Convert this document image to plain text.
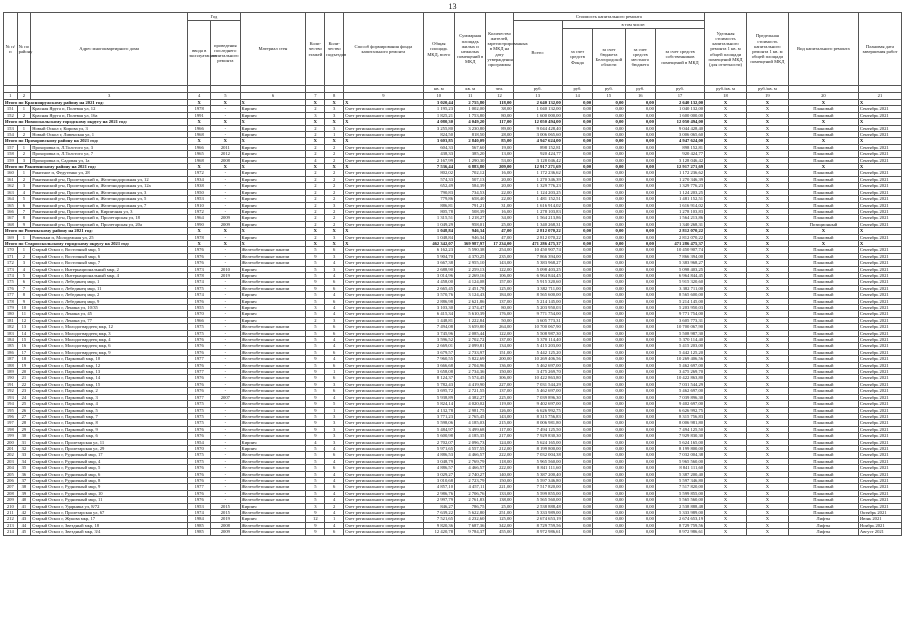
13
№ п/п	№ по району	Адрес многоквартирного дома	Год		Материал стен	Коли-чество этажей	Коли-чество подъездов	Способ формирования фонда капитального ремонта	Общая площадь МКД, всего	Суммарная площадь жилых и нежилых помещений в МКД	Количество жителей, зарегистрированных в МКД на дату утверждения программы	Стоимость капитального ремонта					Удельная стоимость капитального ремонта 1 кв. м общей площади помещений МКД (для отчетности)	Предельная стоимость капитального ремонта 1 кв. м общей площади помещений МКД	Вид капитального ремонта	Плановая дата завершения работ
			ввода в эксплуатацию	проведения последнего капитального ремонта								Всего:	в том числе:							
													за счет средств Фонда	за счет бюджета Белгородской области	за счет средств местного бюджета	за счет средств собственников помещений в МКД				
									кв. м	кв. м	чел.	руб.	руб.	руб.	руб.	руб.	руб./кв. м	руб./кв. м		
1	2	3	4	5	6	7	8	9	10	11	12	13	14	15	16	17	18	19	20	21
Итого по Краснояружскому району на 2021 год:			Х	Х	Х	Х	Х	Х	3 020,44	2 755,80	118,00	2 640 132,00	0,00	0,00	0,00	2 640 132,00	Х	Х	Х	Х
151	1	Красная Яруга п, Полевая ул, 12	1978	-	Кирпич	2	3	Счет регионального оператора	1 195,23	1 002,00	38,00	1 040 132,00	0,00	0,00	0,00	1 040 132,00	Х	Х	Плановый	Сентябрь 2021
152	2	Красная Яруга п, Полевая ул, 16а	1991	-	Кирпич	3	3	Счет регионального оператора	1 825,21	1 753,80	80,00	1 600 000,00	0,00	0,00	0,00	1 600 000,00	Х	Х	Плановый	Сентябрь 2021
Итого по Новооскольскому городскому округу на 2021 год:			Х	Х	Х	Х	Х	Х	4 080,30	4 049,20	117,00	12 050 494,00	0,00	0,00	0,00	12 050 494,00	Х	Х	Х	Х
153	1	Новый Оскол г, Кирова ул, 3	1966	-	Кирпич	2	3	Счет регионального оператора	3 255,80	3 230,80	89,00	9 044 428,40	0,00	0,00	0,00	9 044 428,40	Х	Х	Плановый	Сентябрь 2021
154	2	Новый Оскол г, Ливенская ул, 1	1968	-	Кирпич	2	1	Счет регионального оператора	824,50	818,50	28,00	3 006 065,60	0,00	0,00	0,00	3 006 065,60	Х	Х	Плановый	Сентябрь 2021
Итого по Прохоровскому району на 2021 год:			Х	Х	Х	Х	Х	Х	3 603,85	2 840,09	85,00	4 947 624,00	0,00	0,00	0,00	4 947 624,00	Х	Х	Х	Х
157	1	Прохоровка п, Л.Толстого ул, 3	1966	2011	Кирпич	2	2	Счет регионального оператора	604,33	567,60	19,00	898 152,81	0,00	0,00	0,00	898 152,81	Х	Х	Плановый	Сентябрь 2021
158	2	Прохоровка п, Л.Толстого ул, 7	1965	2012	Кирпич	2	2	Счет регионального оператора	438,33	385,20	13,00	920 424,77	0,00	0,00	0,00	920 424,77	Х	Х	Плановый	Сентябрь 2021
159	3	Прохоровка п, Садовая ул, 1а	1968	2008	Кирпич	4	2	Счет регионального оператора	2 167,99	1 290,30	53,00	3 128 046,42	0,00	0,00	0,00	3 128 046,42	Х	Х	Плановый	Сентябрь 2021
Итого по Ракитянскому району на 2021 год:			Х	Х	Х	Х	Х	Х	7 536,44	6 883,80	209,00	12 917 271,69	0,00	0,00	0,00	12 917 271,69	Х	Х	Х	Х
160	1	Ракитное п, Федутенко ул, 28	1972	-	Кирпич	2	2	Счет регионального оператора	802,02	702,12	16,00	1 172 236,62	0,00	0,00	0,00	1 172 236,62	Х	Х	Плановый	Сентябрь 2021
161	2	Ракитянский р-н, Пролетарский п, Железнодорожная ул, 12	1934	-	Кирпич	2	2	Счет регионального оператора	574,33	507,13	20,00	1 270 346,39	0,00	0,00	0,00	1 270 346,39	Х	Х	Плановый	Сентябрь 2021
162	3	Ракитянский р-н, Пролетарский п, Железнодорожная ул, 12а	1938	-	Кирпич	2	2	Счет регионального оператора	652,49	584,39	20,00	1 329 776,23	0,00	0,00	0,00	1 329 776,23	Х	Х	Плановый	Сентябрь 2021
163	4	Ракитянский р-н, Пролетарский п, Железнодорожная ул, 3	1950	-	Кирпич	2	2	Счет регионального оператора	790,83	734,53	22,00	1 124 203,25	0,00	0,00	0,00	1 124 203,25	Х	Х	Плановый	Сентябрь 2021
164	5	Ракитянский р-н, Пролетарский п, Железнодорожная ул, 5	1953	-	Кирпич	2	2	Счет регионального оператора	779,86	658,40	22,00	1 481 152,51	0,00	0,00	0,00	1 481 152,51	Х	Х	Плановый	Сентябрь 2021
165	6	Ракитянский р-н, Пролетарский п, Железнодорожная ул, 7	1910	-	Кирпич	2	3	Счет регионального оператора	886,81	791,21	31,00	1 616 914,02	0,00	0,00	0,00	1 616 914,02	Х	Х	Плановый	Сентябрь 2021
166	7	Ракитянский р-н, Пролетарский п, Кирпичная ул, 3	1972	-	Кирпич	2	2	Счет регионального оператора	805,78	508,39	16,00	1 278 103,83	0,00	0,00	0,00	1 278 103,83	Х	Х	Плановый	Сентябрь 2021
167	8	Ракитянский р-н, Пролетарский п, Пролетарская ул, 18	1964	2009	Кирпич	2	2	Счет регионального оператора	1 315,51	1 218,27	34,00	1 564 213,86	0,00	0,00	0,00	1 564 213,86	Х	Х	Плановый	Сентябрь 2021
168	9	Ракитянский р-н, Пролетарский п, Пролетарская ул, 20а	1990	2009	Кирпич	2	2	Счет регионального оператора	1 049,29	958,01	25,00	1 340 268,31	0,00	0,00	0,00	1 340 268,31	Х	Х	Позиционный	Сентябрь 2021
Итого по Ровеньскому району на 2021 год:			Х	Х	Х	Х	Х	Х	1 048,84	946,34	47,00	2 812 070,22	0,00	0,00	0,00	2 812 070,22	Х	Х	Х	Х
169	1	Ровеньки п, Молодежная ул, 25	1978	-	Кирпич	2	3	Счет регионального оператора	1 048,84	946,34	47,00	2 812 070,22	0,00	0,00	0,00	2 812 070,22	Х	Х	Плановый	Сентябрь 2021
Итого по Старооскольскому городскому округу на 2021 год:			Х	Х	Х	Х	Х	Х	462 342,07	369 987,97	17 234,00	471 286 475,37	0,00	0,00	0,00	471 286 475,37	Х	Х	Х	Х
170	1	Старый Оскол г, Восточный мкр, 5	1976	-	Железобетонные панели	5	6	Счет регионального оператора	6 162,23	5 590,38	254,00	10 450 907,74	0,00	0,00	0,00	10 450 907,74	Х	Х	Плановый	Сентябрь 2021
171	2	Старый Оскол г, Восточный мкр, 6	1976	-	Железобетонные панели	9	3	Счет регионального оператора	5 904,70	4 370,25	235,00	7 866 394,00	0,00	0,00	0,00	7 866 394,00	Х	Х	Плановый	Сентябрь 2021
172	3	Старый Оскол г, Восточный мкр, 7	1976	-	Железобетонные панели	5	4	Счет регионального оператора	3 667,38	2 955,10	143,00	5 383 968,27	0,00	0,00	0,00	5 383 968,27	Х	Х	Плановый	Сентябрь 2021
173	4	Старый Оскол г, Интернациональный мкр, 2	1973	2010	Кирпич	5	3	Счет регионального оператора	2 688,90	2 259,13	122,00	5 098 403,25	0,00	0,00	0,00	5 098 403,25	Х	Х	Плановый	Сентябрь 2021
174	5	Старый Оскол г, Интернациональный мкр, 4	1978	2019	Кирпич	5	4	Счет регионального оператора	3 014,96	2 269,16	106,00	6 964 844,45	0,00	0,00	0,00	6 964 844,45	Х	Х	Плановый	Сентябрь 2021
175	6	Старый Оскол г, Лебединец мкр, 1	1974	-	Железобетонные панели	9	6	Счет регионального оператора	4 458,00	4 124,08	157,00	5 915 320,60	0,00	0,00	0,00	5 915 320,60	Х	Х	Плановый	Сентябрь 2021
176	7	Старый Оскол г, Лебединец мкр, 11	1975	-	Железобетонные панели	9	6	Счет регионального оператора	2 665,45	2 451,78	125,00	3 382 711,00	0,00	0,00	0,00	3 382 711,00	Х	Х	Плановый	Сентябрь 2021
177	8	Старый Оскол г, Лебединец мкр, 2	1974	-	Кирпич	5	4	Счет регионального оператора	3 570,76	3 124,43	184,00	8 565 600,00	0,00	0,00	0,00	8 565 600,00	Х	Х	Плановый	Сентябрь 2021
178	9	Старый Оскол г, Лебединец мкр, 9	1976	-	Кирпич	5	6	Счет регионального оператора	2 886,98	2 621,86	137,00	5 214 145,00	0,00	0,00	0,00	5 214 145,00	Х	Х	Плановый	Сентябрь 2021
179	10	Старый Оскол г, Ленина ул, 10/35	1955	-	Кирпич	3	4	Счет регионального оператора	3 103,30	2 374,47	80,00	5 203 950,03	0,00	0,00	0,00	5 203 950,03	Х	Х	Плановый	Сентябрь 2021
180	11	Старый Оскол г, Ленина ул, 45	1970	-	Кирпич	5	4	Счет регионального оператора	6 415,34	5 610,39	176,00	9 771 754,00	0,00	0,00	0,00	9 771 754,00	Х	Х	Плановый	Сентябрь 2021
181	12	Старый Оскол г, Ленина ул, 77	1966	-	Кирпич	2	3	Счет регионального оператора	1 448,81	1 222,84	50,00	3 605 773,31	0,00	0,00	0,00	3 605 773,31	Х	Х	Плановый	Сентябрь 2021
182	13	Старый Оскол г, Молодогвардеец мкр, 12	1975	-	Железобетонные панели	5	6	Счет регионального оператора	7 494,08	3 659,80	264,00	10 700 067,90	0,00	0,00	0,00	10 700 067,90	Х	Х	Плановый	Сентябрь 2021
183	14	Старый Оскол г, Молодогвардеец мкр, 3	1975	-	Железобетонные панели	5	6	Счет регионального оператора	3 745,96	2 085,44	122,00	5 508 987,30	0,00	0,00	0,00	5 508 987,30	Х	Х	Плановый	Сентябрь 2021
184	15	Старый Оскол г, Молодогвардеец мкр, 4	1976	-	Железобетонные панели	5	4	Счет регионального оператора	3 596,52	2 702,72	137,00	5 370 114,40	0,00	0,00	0,00	5 370 114,40	Х	Х	Плановый	Сентябрь 2021
185	16	Старый Оскол г, Молодогвардеец мкр, 6	1976	-	Железобетонные панели	5	4	Счет регионального оператора	2 669,01	2 099,81	134,00	5 415 203,00	0,00	0,00	0,00	5 415 203,00	Х	Х	Плановый	Сентябрь 2021
186	17	Старый Оскол г, Молодогвардеец мкр, 9	1976	-	Железобетонные панели	5	6	Счет регионального оператора	3 679,57	2 733,97	151,00	5 442 125,20	0,00	0,00	0,00	5 442 125,20	Х	Х	Плановый	Сентябрь 2021
187	18	Старый Оскол г, Парковый мкр, 10	1977	-	Железобетонные панели	9	4	Счет регионального оператора	7 960,55	5 822,69	200,00	10 269 406,56	0,00	0,00	0,00	10 269 406,56	Х	Х	Плановый	Сентябрь 2021
188	19	Старый Оскол г, Парковый мкр, 12	1976	-	Железобетонные панели	5	6	Счет регионального оператора	3 666,68	2 704,96	136,00	5 462 697,00	0,00	0,00	0,00	5 462 697,00	Х	Х	Плановый	Сентябрь 2021
189	20	Старый Оскол г, Парковый мкр, 13	1977	-	Железобетонные панели	9	1	Счет регионального оператора	3 658,08	2 734,36	150,00	3 475 269,70	0,00	0,00	0,00	3 475 269,70	Х	Х	Плановый	Сентябрь 2021
190	21	Старый Оскол г, Парковый мкр, 14	1976	-	Железобетонные панели	9	6	Счет регионального оператора	8 124,37	5 574,45	306,00	10 422 863,80	0,00	0,00	0,00	10 422 863,80	Х	Х	Плановый	Сентябрь 2021
191	22	Старый Оскол г, Парковый мкр, 15	1976	-	Железобетонные панели	9	3	Счет регионального оператора	5 782,43	4 419,90	227,00	7 031 544,29	0,00	0,00	0,00	7 031 544,29	Х	Х	Плановый	Сентябрь 2021
192	23	Старый Оскол г, Парковый мкр, 2	1976	-	Железобетонные панели	5	6	Счет регионального оператора	3 695,72	2 721,55	137,00	5 462 697,00	0,00	0,00	0,00	5 462 697,00	Х	Х	Плановый	Сентябрь 2021
193	24	Старый Оскол г, Парковый мкр, 3	1977	2007	Железобетонные панели	9	4	Счет регионального оператора	5 938,89	4 382,27	225,00	7 039 896,30	0,00	0,00	0,00	7 039 896,30	Х	Х	Плановый	Сентябрь 2021
194	25	Старый Оскол г, Парковый мкр, 4	1975	-	Железобетонные панели	9	5	Счет регионального оператора	5 824,14	4 020,02	119,00	9 402 697,00	0,00	0,00	0,00	9 402 697,00	Х	Х	Плановый	Сентябрь 2021
195	26	Старый Оскол г, Парковый мкр, 5	1975	-	Железобетонные панели	9	1	Счет регионального оператора	4 132,78	2 981,75	126,00	6 626 992,75	0,00	0,00	0,00	6 626 992,75	Х	Х	Плановый	Сентябрь 2021
196	27	Старый Оскол г, Парковый мкр, 7	1975	-	Железобетонные панели	5	3	Счет регионального оператора	3 771,23	2 765,45	143,00	8 315 756,83	0,00	0,00	0,00	8 315 756,83	Х	Х	Плановый	Сентябрь 2021
197	28	Старый Оскол г, Парковый мкр, 8	1975	-	Железобетонные панели	9	3	Счет регионального оператора	5 598,06	4 185,03	215,00	8 006 981,80	0,00	0,00	0,00	8 006 981,80	Х	Х	Плановый	Сентябрь 2021
198	29	Старый Оскол г, Парковый мкр, 9	1976	-	Железобетонные панели	9	3	Счет регионального оператора	5 484,97	3 499,68	117,00	7 494 125,50	0,00	0,00	0,00	7 494 125,50	Х	Х	Плановый	Сентябрь 2021
199	30	Старый Оскол г, Парковый мкр, 6	1976	-	Железобетонные панели	9	3	Счет регионального оператора	5 600,98	4 185,35	217,00	7 929 830,30	0,00	0,00	0,00	7 929 830,30	Х	Х	Плановый	Сентябрь 2021
200	31	Старый Оскол г, Пролетарская ул, 11	1954	-	Кирпич	4	3	Счет регионального оператора	2 702,07	2 096,73	124,00	5 624 165,00	0,00	0,00	0,00	5 624 165,00	Х	Х	Плановый	Сентябрь 2021
201	32	Старый Оскол г, Пролетарская ул, 29	1970	-	Кирпич	5	4	Счет регионального оператора	5 971,65	4 557,55	212,00	8 199 800,00	0,00	0,00	0,00	8 199 800,00	Х	Х	Плановый	Сентябрь 2021
202	33	Старый Оскол г, Рудничный мкр, 17	1975	-	Железобетонные панели	5	6	Счет регионального оператора	4 886,53	4 466,57	222,00	7 032 004,38	0,00	0,00	0,00	7 032 004,38	Х	Х	Плановый	Сентябрь 2021
203	34	Старый Оскол г, Рудничный мкр, 4	1975	-	Железобетонные панели	5	4	Счет регионального оператора	3 048,79	2 769,79	118,00	5 965 560,00	0,00	0,00	0,00	5 965 560,00	Х	Х	Плановый	Сентябрь 2021
204	35	Старый Оскол г, Рудничный мкр, 5	1976	-	Железобетонные панели	5	6	Счет регионального оператора	4 886,57	4 466,57	222,00	8 841 111,60	0,00	0,00	0,00	8 841 111,60	Х	Х	Плановый	Сентябрь 2021
205	36	Старый Оскол г, Рудничный мкр, 6	1976	-	Железобетонные панели	5	4	Счет регионального оператора	3 029,27	2 740,27	140,00	5 387 200,40	0,00	0,00	0,00	5 387 200,40	Х	Х	Плановый	Сентябрь 2021
206	37	Старый Оскол г, Рудничный мкр, 8	1976	-	Железобетонные панели	5	4	Счет регионального оператора	3 010,68	2 723,79	150,00	5 597 346,80	0,00	0,00	0,00	5 597 346,80	Х	Х	Плановый	Сентябрь 2021
207	38	Старый Оскол г, Рудничный мкр, 9	1977	-	Железобетонные панели	5	6	Счет регионального оператора	4 857,10	4 457,11	221,00	7 517 820,00	0,00	0,00	0,00	7 517 820,00	Х	Х	Плановый	Сентябрь 2021
208	39	Старый Оскол г, Рудничный мкр, 10	1976	-	Железобетонные панели	5	4	Счет регионального оператора	2 986,76	2 706,76	133,00	5 599 855,00	0,00	0,00	0,00	5 599 855,00	Х	Х	Плановый	Сентябрь 2021
209	40	Старый Оскол г, Рудничный мкр, 11	1976	-	Железобетонные панели	5	4	Счет регионального оператора	2 997,79	2 761,83	138,00	5 565 560,00	0,00	0,00	0,00	5 565 560,00	Х	Х	Плановый	Сентябрь 2021
210	41	Старый Оскол г, Ударника ул, 8/72	1953	2015	Кирпич	3	2	Счет регионального оператора	846,27	786,75	25,00	2 538 888,48	0,00	0,00	0,00	2 538 888,48	Х	Х	Плановый	Сентябрь 2021
211	42	Старый Оскол г, Пролетарская ул, 67	1974	2015	Железобетонные панели	9	4	Счет регионального оператора	7 639,22	5 622,80	251,00	5 333 989,00	0,00	0,00	0,00	5 333 989,00	Х	Х	Плановый	Октябрь 2021
212	43	Старый Оскол г, Жукова мкр, 17	1984	2019	Кирпич	12	1	Счет регионального оператора	7 521,65	4 232,60	125,00	2 674 653,19	0,00	0,00	0,00	2 674 653,19	Х	Х	Лифты	Июнь 2021
213	44	Старый Оскол г, Звездный мкр, 18	1985	2008	Железобетонные панели	9	4	Счет регионального оператора	9 820,36	7 687,36	342,00	8 729 759,56	0,00	0,00	0,00	8 729 759,56	Х	Х	Лифты	Ноябрь 2021
214	45	Старый Оскол г, Звездный мкр, 3/4	1985	2009	Железобетонные панели	9	6	Счет регионального оператора	12 420,78	9 784,37	455,00	8 972 986,61	0,00	0,00	0,00	8 972 986,61	Х	Х	Лифты	Август 2021
